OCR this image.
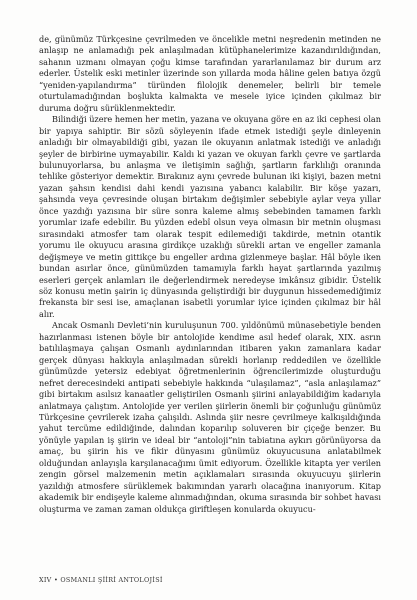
de, günümüz Türkçesine çevrilmeden ve öncelikle metni neşredenin metinden ne anlaşıp ne anlamadığı pek anlaşılmadan kütüphanelerimize kazandırıldığından, sahanın uzmanı olmayan çoğu kimse tarafından yararlanılamaz bir durum arz ederler. Üstelik eski metinler üzerinde son yıllarda moda hâline gelen batıya özgü “yeniden-yapılandırma” türünden filolojik denemeler, belirli bir temele oturtulamadığından boşlukta kalmakta ve mesele iyice içinden çıkılmaz bir duruma doğru sürüklenmektedir.

Bilindiği üzere hemen her metin, yazana ve okuyana göre en az iki cephesi olan bir yapıya sahiptir. Bir sözü söyleyenin ifade etmek istediği şeyle dinleyenin anladığı bir olmayabildiği gibi, yazan ile okuyanın anlatmak istediği ve anladığı şeyler de birbirine uymayabilir. Kaldı ki yazan ve okuyan farklı çevre ve şartlarda bulunuyorlarsa, bu anlaşma ve iletişimin sağlığı, şartların farklılığı oranında tehlike gösteriyor demektir. Bırakınız aynı çevrede bulunan iki kişiyi, bazen metni yazan şahsın kendisi dahi kendi yazısına yabancı kalabilir. Bir köşe yazarı, şahsında veya çevresinde oluşan birtakım değişimler sebebiyle aylar veya yıllar önce yazdığı yazısına bir süre sonra kaleme almış sebebinden tamamen farklı yorumlar izafe edebilir. Bu yüzden edebî olsun veya olmasın bir metnin oluşması sırasındaki atmosfer tam olarak tespit edilemediği takdirde, metnin otantik yorumu ile okuyucu arasına girdikçe uzaklığı sürekli artan ve engeller zamanla değişmeye ve metin gittikçe bu engeller ardına gizlenmeye başlar. Hâl böyle iken bundan asırlar önce, günümüzden tamamıyla farklı hayat şartlarında yazılmış eserleri gerçek anlamları ile değerlendirmek neredeyse imkânsız gibidir. Üstelik söz konusu metin şairin iç dünyasında geliştirdiği bir duygunun hissedemediğimiz frekansta bir sesi ise, amaçlanan isabetli yorumlar iyice içinden çıkılmaz bir hâl alır.

Ancak Osmanlı Devleti’nin kuruluşunun 700. yıldönümü münasebetiyle benden hazırlanması istenen böyle bir antolojide kendime asıl hedef olarak, XIX. asrın batılılaşmaya çalışan Osmanlı aydınlarından itibaren yakın zamanlara kadar gerçek dünyası hakkıyla anlaşılmadan sürekli horlanıp reddedilen ve özellikle günümüzde yetersiz edebiyat öğretmenlerinin öğrencilerimizde oluşturduğu nefret derecesindeki antipati sebebiyle hakkında “ulaşılamaz”, “asla anlaşılamaz” gibi birtakım asılsız kanaatler geliştirilen Osmanlı şiirini anlayabildiğim kadarıyla anlatmaya çalıştım. Antolojide yer verilen şiirlerin önemli bir çoğunluğu günümüz Türkçesine çevrilerek izaha çalışıldı. Aslında şiir nesre çevrilmeye kalkışıldığında yahut tercüme edildiğinde, dalından koparılıp soluveren bir çiçeğe benzer. Bu yönüyle yapılan iş şiirin ve ideal bir “antoloji”nin tabiatına aykırı görünüyorsa da amaç, bu şiirin his ve fikir dünyasını günümüz okuyucusuna anlatabilmek olduğundan anlayışla karşılanacağımı ümit ediyorum. Özellikle kitapta yer verilen zengin görsel malzemenin metin açıklamaları sırasında okuyucuyu şiirlerin yazıldığı atmosfere sürüklemek bakımından yararlı olacağına inanıyorum. Kitap akademik bir endişeyle kaleme alınmadığından, okuma sırasında bir sohbet havası oluşturma ve zaman zaman oldukça giriftleşen konularda okuyucu-

XIV • OSMANLI ŞİİRİ ANTOLOJİSİ
